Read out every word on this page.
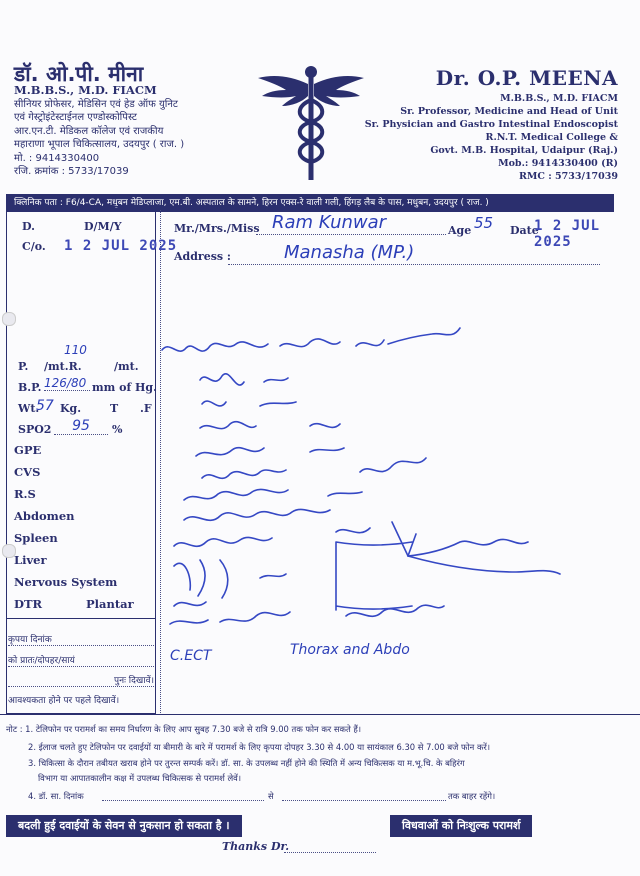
डॉ. ओ.पी. मीना
M.B.B.S., M.D. FIACM
सीनियर प्रोफेसर, मेडिसिन एवं हेड ऑफ युनिट
एवं गेस्ट्रोइंटेस्टाईनल एण्डोस्कोपिस्ट
आर.एन.टी. मेडिकल कॉलेज एवं राजकीय
महाराणा भूपाल चिकित्सालय, उदयपुर ( राज. )
मो. : 9414330400
रजि. क्रमांक : 5733/17039
Dr. O.P. MEENA
M.B.B.S., M.D. FIACM
Sr. Professor, Medicine and Head of Unit
Sr. Physician and Gastro Intestinal Endoscopist
R.N.T. Medical College &
Govt. M.B. Hospital, Udaipur (Raj.)
Mob.: 9414330400 (R)
RMC : 5733/17039
क्लिनिक पता : F6/4-CA, मधुबन मेडिप्लाजा, एम.बी. अस्पताल के सामने, हिरन एक्स-रे वाली गली, हिंगड़ लैब के पास, मधुबन, उदयपुर ( राज. )
D.	D/M/Y
C/o. 1 2 JUL 2025
110
P. /mt.R.	/mt.
B.P. 126/80 mm of Hg.
Wt.
57 Kg.	T .F
SPO2	95	%
GPE
CVS
R.S
Abdomen
Spleen
Liver
Nervous System
DTR	Plantar
कृपया दिनांक
को प्रातः/दोपहर/सायं
पुनः दिखावें।
आवश्यकता होने पर पहले दिखावें।
Mr./Mrs./Miss Ram Kunwar	Age 55 Date
1 2 JUL 2025
Address :	Manasha (MP.)
C.ECT	Thorax and Abdo
नोट : 1. टेलिफोन पर परामर्श का समय निर्धारण के लिए आप सुबह 7.30 बजे से रात्रि 9.00 तक फोन कर सकते हैं।
2. ईलाज चलते हुए टेलिफोन पर दवाईयों या बीमारी के बारे में परामर्श के लिए कृपया दोपहर 3.30 से 4.00 या सायंकाल 6.30 से 7.00 बजे फोन करें।
3. चिकित्सा के दौरान तबीयत खराब होने पर तुरन्त सम्पर्क करें। डॉ. सा. के उपलब्ध नहीं होने की स्थिति में अन्य चिकित्सक या म.भू.चि. के बहिरंग
विभाग या आपातकालीन कक्ष में उपलब्ध चिकित्सक से परामर्श लेवें।
4. डॉ. सा. दिनांक	से	तक बाहर रहेंगे।
बदली हुई दवाईयों के सेवन से नुकसान हो सकता है ।	विधवाओं को निःशुल्क परामर्श
Thanks Dr.
